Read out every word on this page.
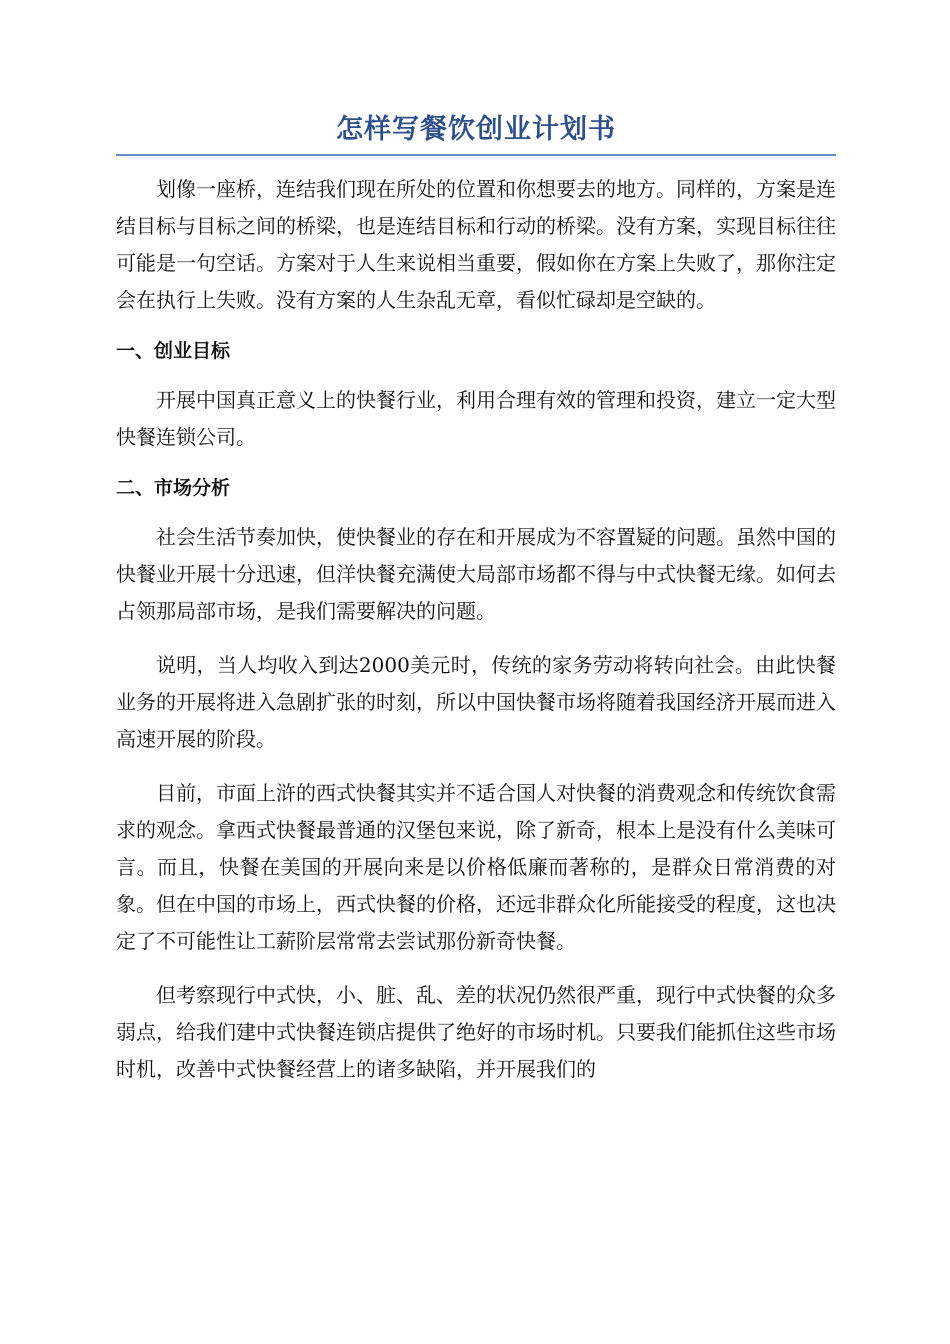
怎样写餐饮创业计划书

划像一座桥，连结我们现在所处的位置和你想要去的地方。同样的，方案是连结目标与目标之间的桥梁，也是连结目标和行动的桥梁。没有方案，实现目标往往可能是一句空话。方案对于人生来说相当重要，假如你在方案上失败了，那你注定会在执行上失败。没有方案的人生杂乱无章，看似忙碌却是空缺的。

一、创业目标

开展中国真正意义上的快餐行业，利用合理有效的管理和投资，建立一定大型快餐连锁公司。

二、市场分析

社会生活节奏加快，使快餐业的存在和开展成为不容置疑的问题。虽然中国的快餐业开展十分迅速，但洋快餐充满使大局部市场都不得与中式快餐无缘。如何去占领那局部市场，是我们需要解决的问题。

说明，当人均收入到达2000美元时，传统的家务劳动将转向社会。由此快餐业务的开展将进入急剧扩张的时刻，所以中国快餐市场将随着我国经济开展而进入高速开展的阶段。

目前，市面上浒的西式快餐其实并不适合国人对快餐的消费观念和传统饮食需求的观念。拿西式快餐最普通的汉堡包来说，除了新奇，根本上是没有什么美味可言。而且，快餐在美国的开展向来是以价格低廉而著称的，是群众日常消费的对象。但在中国的市场上，西式快餐的价格，还远非群众化所能接受的程度，这也决定了不可能性让工薪阶层常常去尝试那份新奇快餐。

但考察现行中式快，小、脏、乱、差的状况仍然很严重，现行中式快餐的众多弱点，给我们建中式快餐连锁店提供了绝好的市场时机。只要我们能抓住这些市场时机，改善中式快餐经营上的诸多缺陷，并开展我们的
